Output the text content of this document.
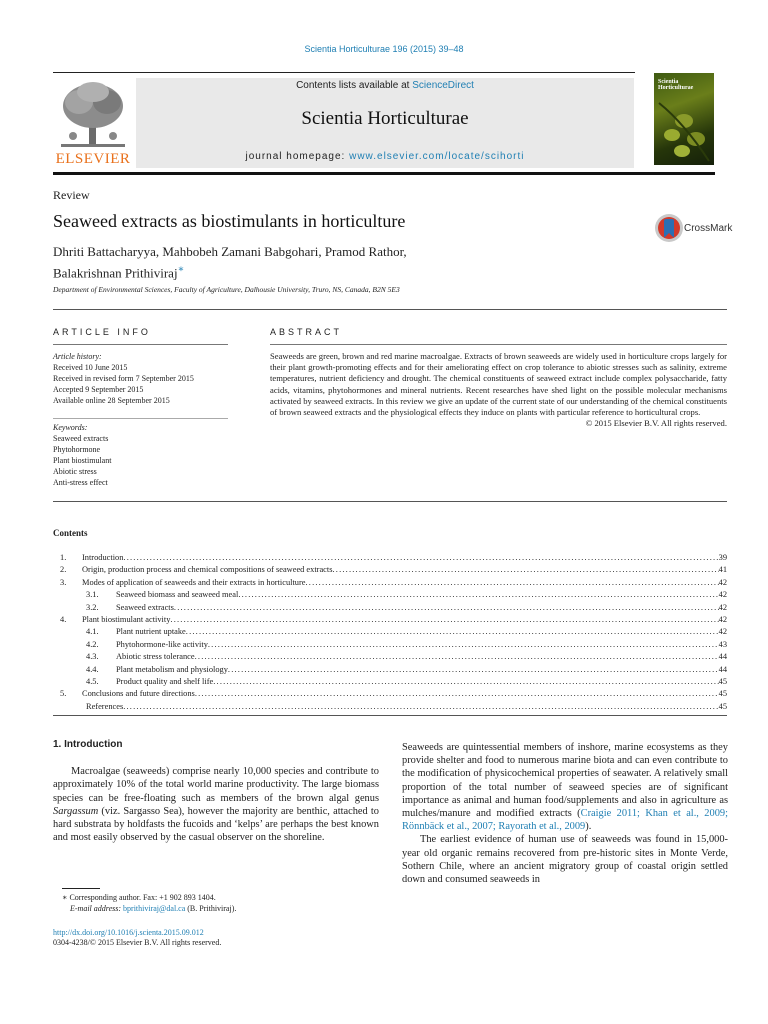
Scientia Horticulturae 196 (2015) 39–48
ELSEVIER
Contents lists available at ScienceDirect
Scientia Horticulturae
journal homepage: www.elsevier.com/locate/scihorti
Scientia Horticulturae
Review
Seaweed extracts as biostimulants in horticulture	CrossMark
Dhriti Battacharyya, Mahbobeh Zamani Babgohari, Pramod Rathor,
Balakrishnan Prithiviraj∗
Department of Environmental Sciences, Faculty of Agriculture, Dalhousie University, Truro, NS, Canada, B2N 5E3
ARTICLE INFO	ABSTRACT
Article history:
Received 10 June 2015
Received in revised form 7 September 2015
Accepted 9 September 2015
Available online 28 September 2015
Keywords:
Seaweed extracts
Phytohormone
Plant biostimulant
Abiotic stress
Anti-stress effect
Seaweeds are green, brown and red marine macroalgae. Extracts of brown seaweeds are widely used in horticulture crops largely for their plant growth-promoting effects and for their ameliorating effect on crop tolerance to abiotic stresses such as salinity, extreme temperatures, nutrient deficiency and drought. The chemical constituents of seaweed extract include complex polysaccharide, fatty acids, vitamins, phytohormones and mineral nutrients. Recent researches have shed light on the possible molecular mechanisms activated by seaweed extracts. In this review we give an update of the current state of our understanding of the chemical constituents of brown seaweed extracts and the physiological effects they induce on plants with particular reference to horticultural crops.
© 2015 Elsevier B.V. All rights reserved.
Contents
1.	Introduction .....	39
2.	Origin, production process and chemical compositions of seaweed extracts .....	41
3.	Modes of application of seaweeds and their extracts in horticulture .....	42
3.1.	Seaweed biomass and seaweed meal .....	42
3.2.	Seaweed extracts .....	42
4.	Plant biostimulant activity .....	42
4.1.	Plant nutrient uptake .....	42
4.2.	Phytohormone-like activity .....	43
4.3.	Abiotic stress tolerance .....	44
4.4.	Plant metabolism and physiology .....	44
4.5.	Product quality and shelf life .....	45
5.	Conclusions and future directions .....	45
References .....	45
1. Introduction

Macroalgae (seaweeds) comprise nearly 10,000 species and contribute to approximately 10% of the total world marine productivity. The large biomass species can be free-floating such as members of the brown algal genus Sargassum (viz. Sargasso Sea), however the majority are benthic, attached to hard substrata by holdfasts the fucoids and ‘kelps’ are perhaps the best known and most easily observed by the casual observer on the shoreline.

Seaweeds are quintessential members of inshore, marine ecosystems as they provide shelter and food to numerous marine biota and can even contribute to the modification of physicochemical properties of seawater. A relatively small proportion of the total number of seaweed species are of significant importance as animal and human food/supplements and also in agriculture as mulches/manure and modified extracts (Craigie 2011; Khan et al., 2009; Rönnbäck et al., 2007; Rayorath et al., 2009).

The earliest evidence of human use of seaweeds was found in 15,000-year old organic remains recovered from pre-historic sites in Monte Verde, Sothern Chile, where an ancient migratory group of coastal origin settled down and consumed seaweeds in

∗ Corresponding author. Fax: +1 902 893 1404.
E-mail address: bprithiviraj@dal.ca (B. Prithiviraj).
http://dx.doi.org/10.1016/j.scienta.2015.09.012
0304-4238/© 2015 Elsevier B.V. All rights reserved.
